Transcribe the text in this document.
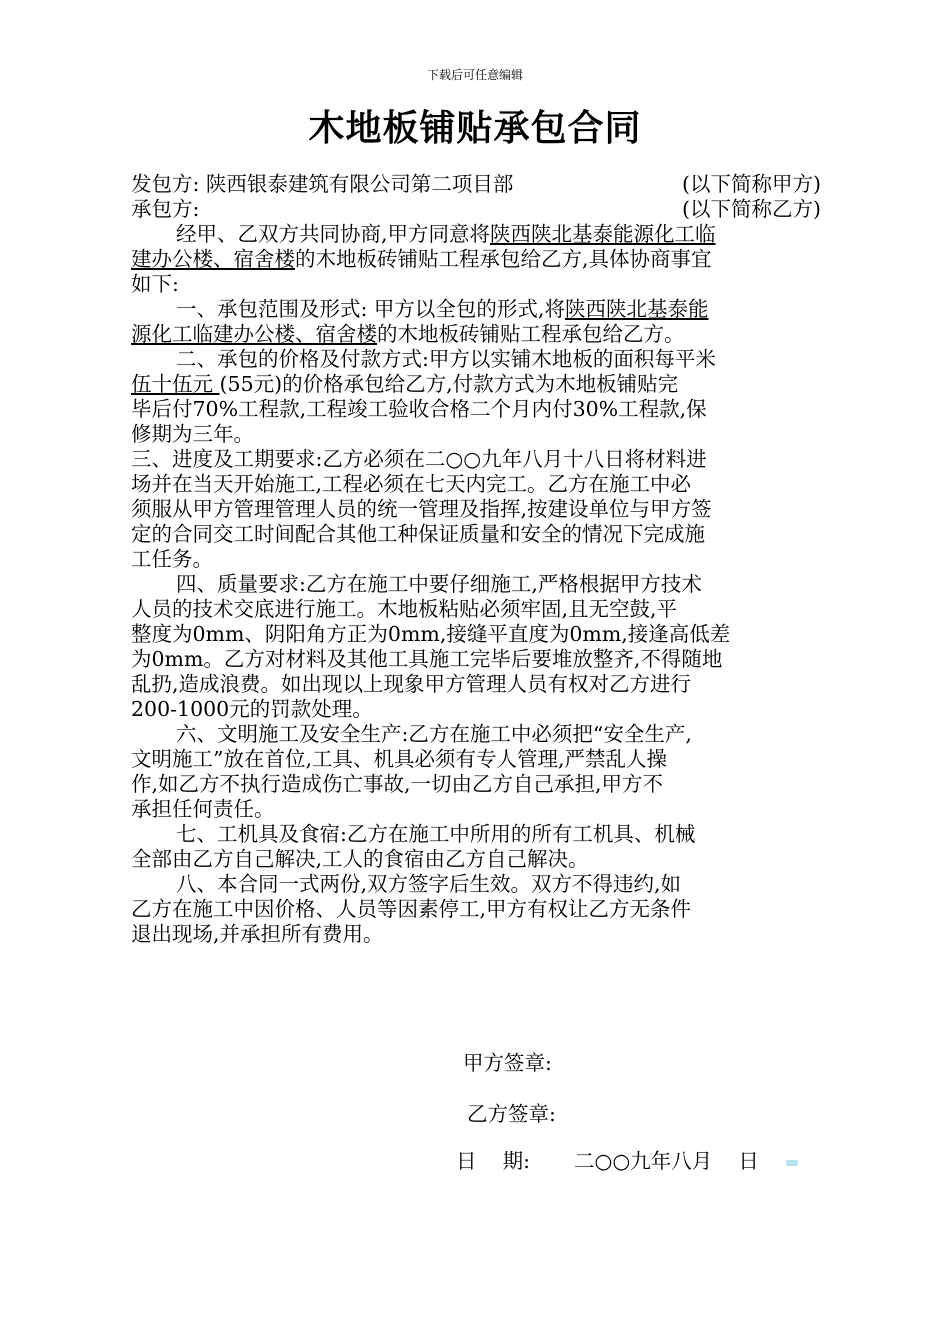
下载后可任意编辑
木地板铺贴承包合同
发包方: 陕西银泰建筑有限公司第二项目部	(以下简称甲方)
承包方:	(以下简称乙方)
经甲、乙双方共同协商,甲方同意将陕西陕北基泰能源化工临
建办公楼、宿舍楼的木地板砖铺贴工程承包给乙方,具体协商事宜
如下:
一、承包范围及形式: 甲方以全包的形式,将陕西陕北基泰能
源化工临建办公楼、宿舍楼的木地板砖铺贴工程承包给乙方。
二、承包的价格及付款方式:甲方以实铺木地板的面积每平米
伍十伍元 (55元)的价格承包给乙方,付款方式为木地板铺贴完
毕后付70%工程款,工程竣工验收合格二个月内付30%工程款,保
修期为三年。
三、进度及工期要求:乙方必须在二○○九年八月十八日将材料进
场并在当天开始施工,工程必须在七天内完工。乙方在施工中必
须服从甲方管理管理人员的统一管理及指挥,按建设单位与甲方签
定的合同交工时间配合其他工种保证质量和安全的情况下完成施
工任务。
四、质量要求:乙方在施工中要仔细施工,严格根据甲方技术
人员的技术交底进行施工。木地板粘贴必须牢固,且无空鼓,平
整度为0mm、阴阳角方正为0mm,接缝平直度为0mm,接逢高低差
为0mm。乙方对材料及其他工具施工完毕后要堆放整齐,不得随地
乱扔,造成浪费。如出现以上现象甲方管理人员有权对乙方进行
200-1000元的罚款处理。
六、文明施工及安全生产:乙方在施工中必须把“安全生产,
文明施工”放在首位,工具、机具必须有专人管理,严禁乱人操
作,如乙方不执行造成伤亡事故,一切由乙方自己承担,甲方不
承担任何责任。
七、工机具及食宿:乙方在施工中所用的所有工机具、机械
全部由乙方自己解决,工人的食宿由乙方自己解决。
八、本合同一式两份,双方签字后生效。双方不得违约,如
乙方在施工中因价格、人员等因素停工,甲方有权让乙方无条件
退出现场,并承担所有费用。
甲方签章:
乙方签章:
日    期: 二○○九年八月    日
